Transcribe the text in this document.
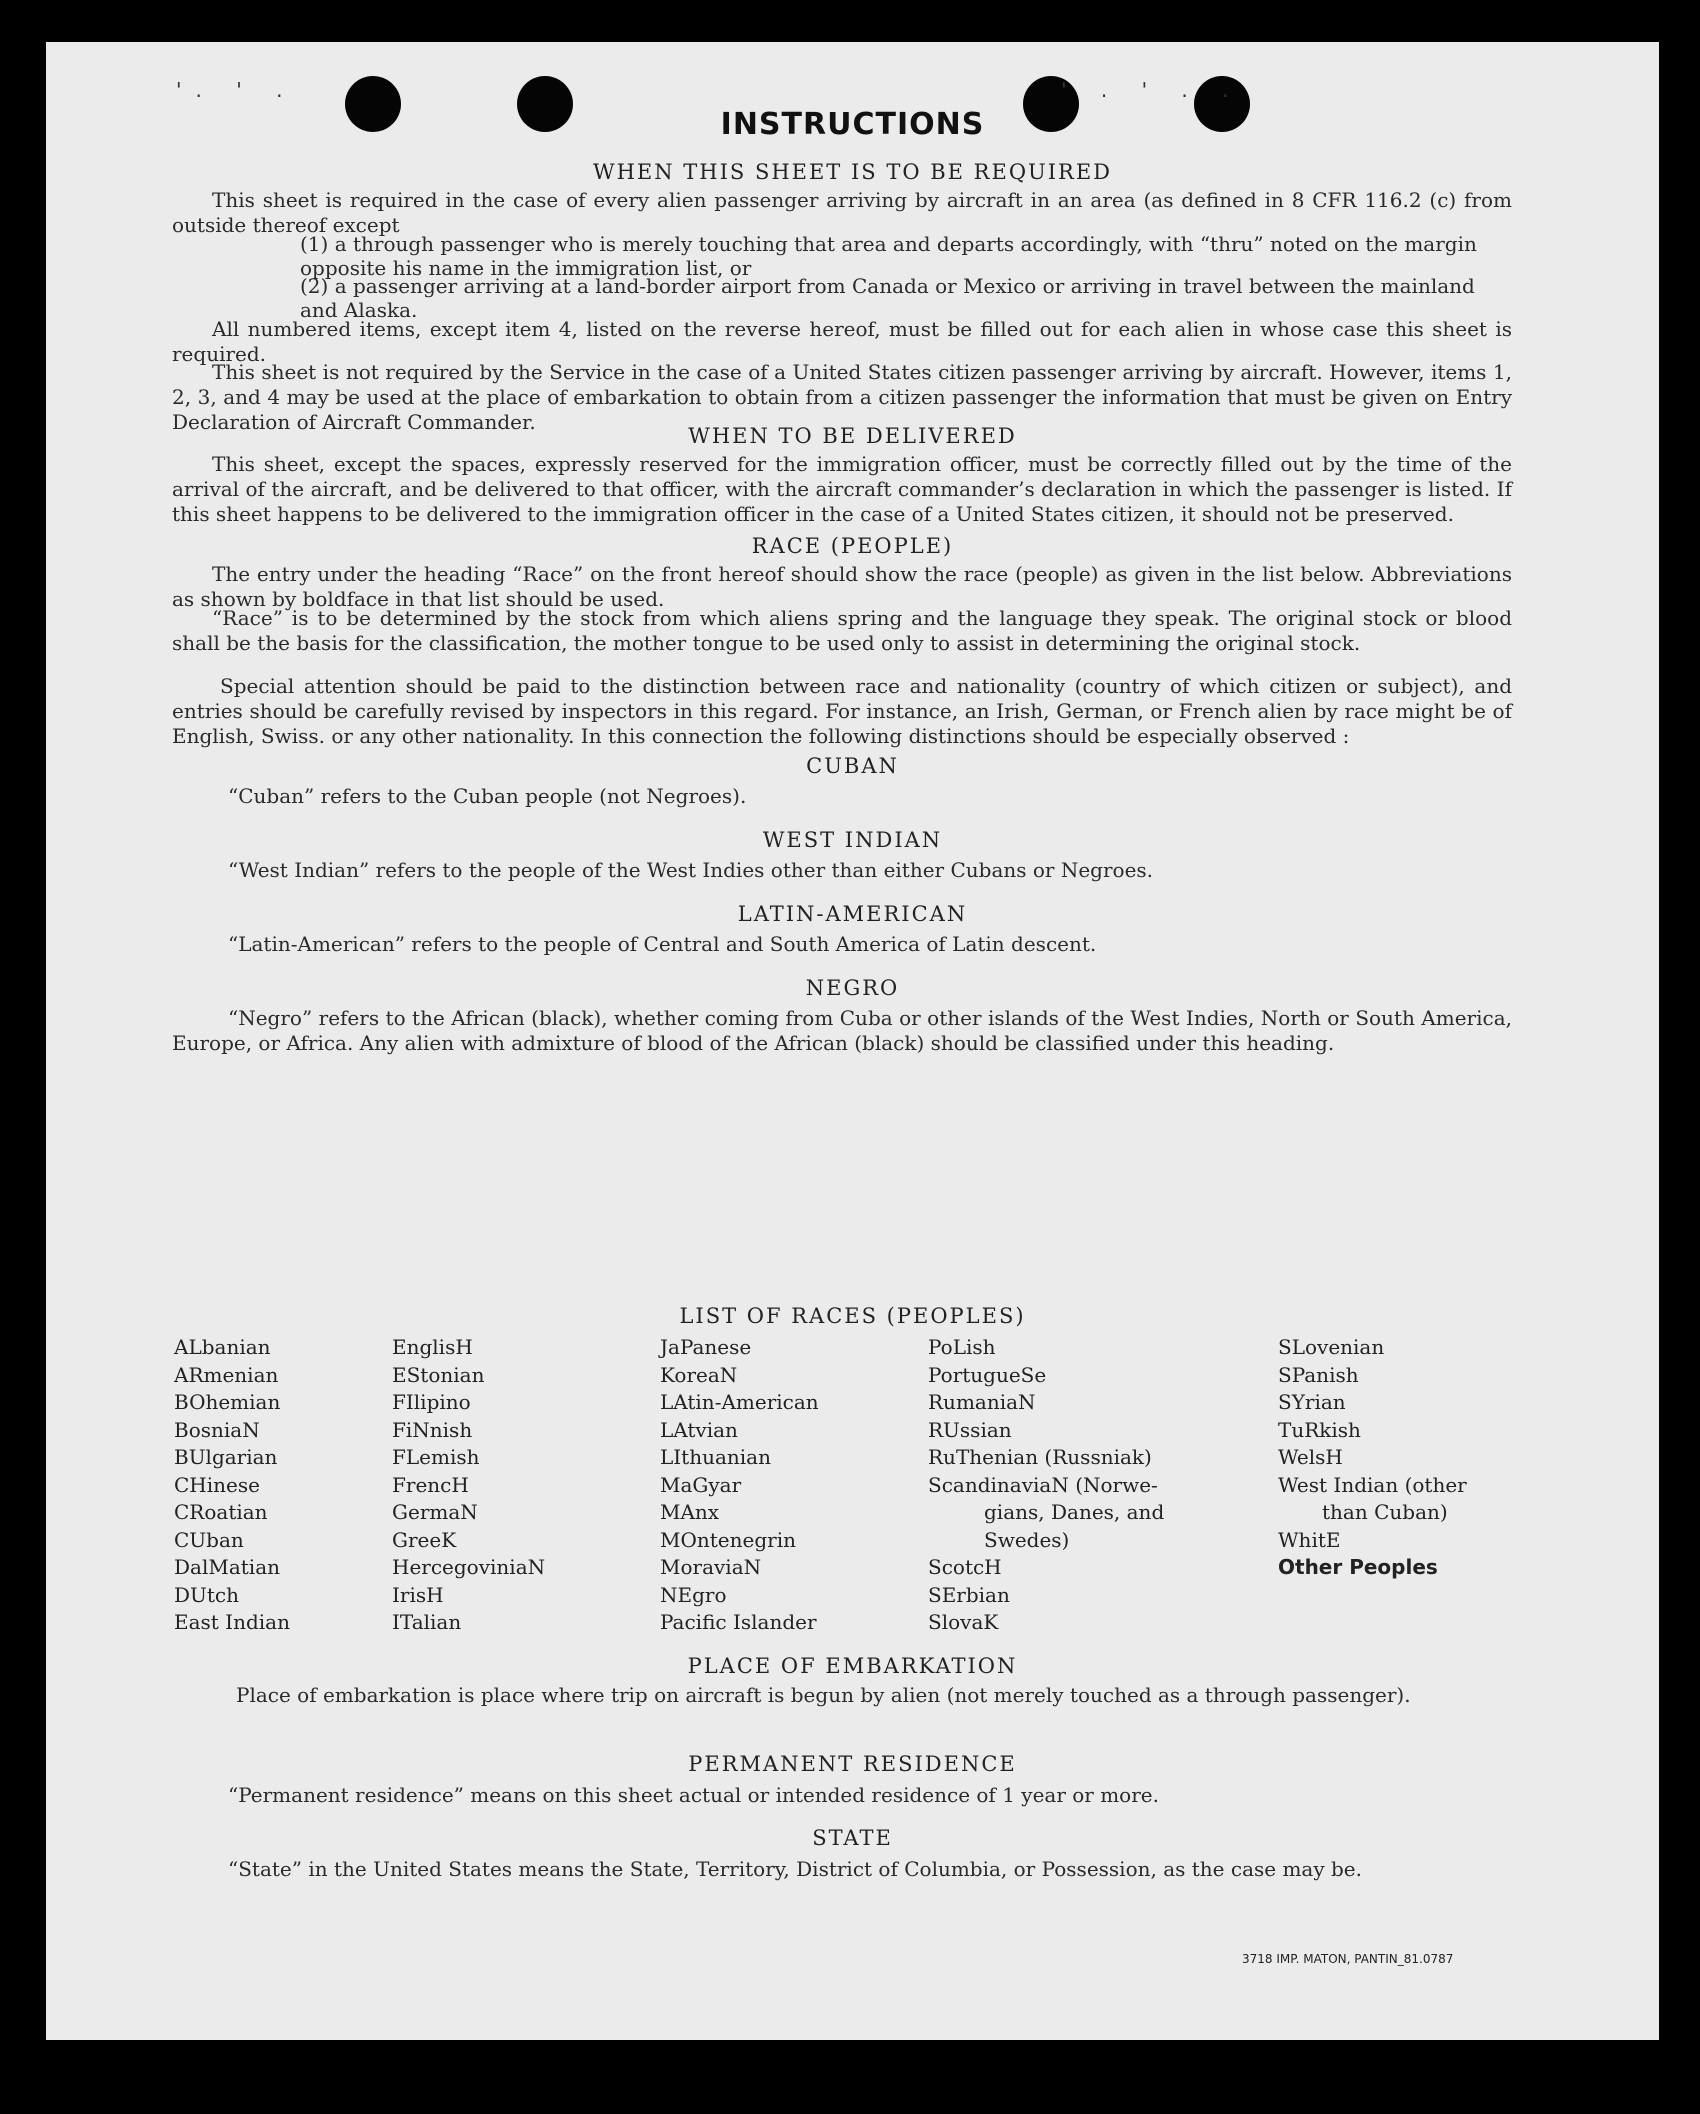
'. ' .	' . ' . .
INSTRUCTIONS
WHEN THIS SHEET IS TO BE REQUIRED
This sheet is required in the case of every alien passenger arriving by aircraft in an area (as defined in 8 CFR 116.2 (c) from outside thereof except
(1) a through passenger who is merely touching that area and departs accordingly, with “thru” noted on the margin opposite his name in the immigration list, or
(2) a passenger arriving at a land-border airport from Canada or Mexico or arriving in travel between the mainland and Alaska.
All numbered items, except item 4, listed on the reverse hereof, must be filled out for each alien in whose case this sheet is required.
This sheet is not required by the Service in the case of a United States citizen passenger arriving by aircraft. However, items 1, 2, 3, and 4 may be used at the place of embarkation to obtain from a citizen passenger the information that must be given on Entry Declaration of Aircraft Commander.
WHEN TO BE DELIVERED
This sheet, except the spaces, expressly reserved for the immigration officer, must be correctly filled out by the time of the arrival of the aircraft, and be delivered to that officer, with the aircraft commander’s declaration in which the passenger is listed. If this sheet happens to be delivered to the immigration officer in the case of a United States citizen, it should not be preserved.
RACE (PEOPLE)
The entry under the heading “Race” on the front hereof should show the race (people) as given in the list below. Abbreviations as shown by boldface in that list should be used.
“Race” is to be determined by the stock from which aliens spring and the language they speak. The original stock or blood shall be the basis for the classification, the mother tongue to be used only to assist in determining the original stock.
Special attention should be paid to the distinction between race and nationality (country of which citizen or subject), and entries should be carefully revised by inspectors in this regard. For instance, an Irish, German, or French alien by race might be of English, Swiss. or any other nationality. In this connection the following distinctions should be especially observed :
CUBAN
“Cuban” refers to the Cuban people (not Negroes).
WEST INDIAN
“West Indian” refers to the people of the West Indies other than either Cubans or Negroes.
LATIN-AMERICAN
“Latin-American” refers to the people of Central and South America of Latin descent.
NEGRO
“Negro” refers to the African (black), whether coming from Cuba or other islands of the West Indies, North or South America, Europe, or Africa. Any alien with admixture of blood of the African (black) should be classified under this heading.
LIST OF RACES (PEOPLES)
ALbanian
ARmenian
BOhemian
BosniaN
BUlgarian
CHinese
CRoatian
CUban
DalMatian
DUtch
East Indian
EnglisH
EStonian
FIlipino
FiNnish
FLemish
FrencH
GermaN
GreeK
HercegoviniaN
IrisH
ITalian
JaPanese
KoreaN
LAtin-American
LAtvian
LIthuanian
MaGyar
MAnx
MOntenegrin
MoraviaN
NEgro
Pacific Islander
PoLish
PortugueSe
RumaniaN
RUssian
RuThenian (Russniak)
ScandinaviaN (Norwe-
gians, Danes, and
Swedes)
ScotcH
SErbian
SlovaK
SLovenian
SPanish
SYrian
TuRkish
WelsH
West Indian (other
than Cuban)
WhitE
Other Peoples
PLACE OF EMBARKATION
Place of embarkation is place where trip on aircraft is begun by alien (not merely touched as a through passenger).
PERMANENT RESIDENCE
“Permanent residence” means on this sheet actual or intended residence of 1 year or more.
STATE
“State” in the United States means the State, Territory, District of Columbia, or Possession, as the case may be.
3718 IMP. MATON, PANTIN_81.0787
